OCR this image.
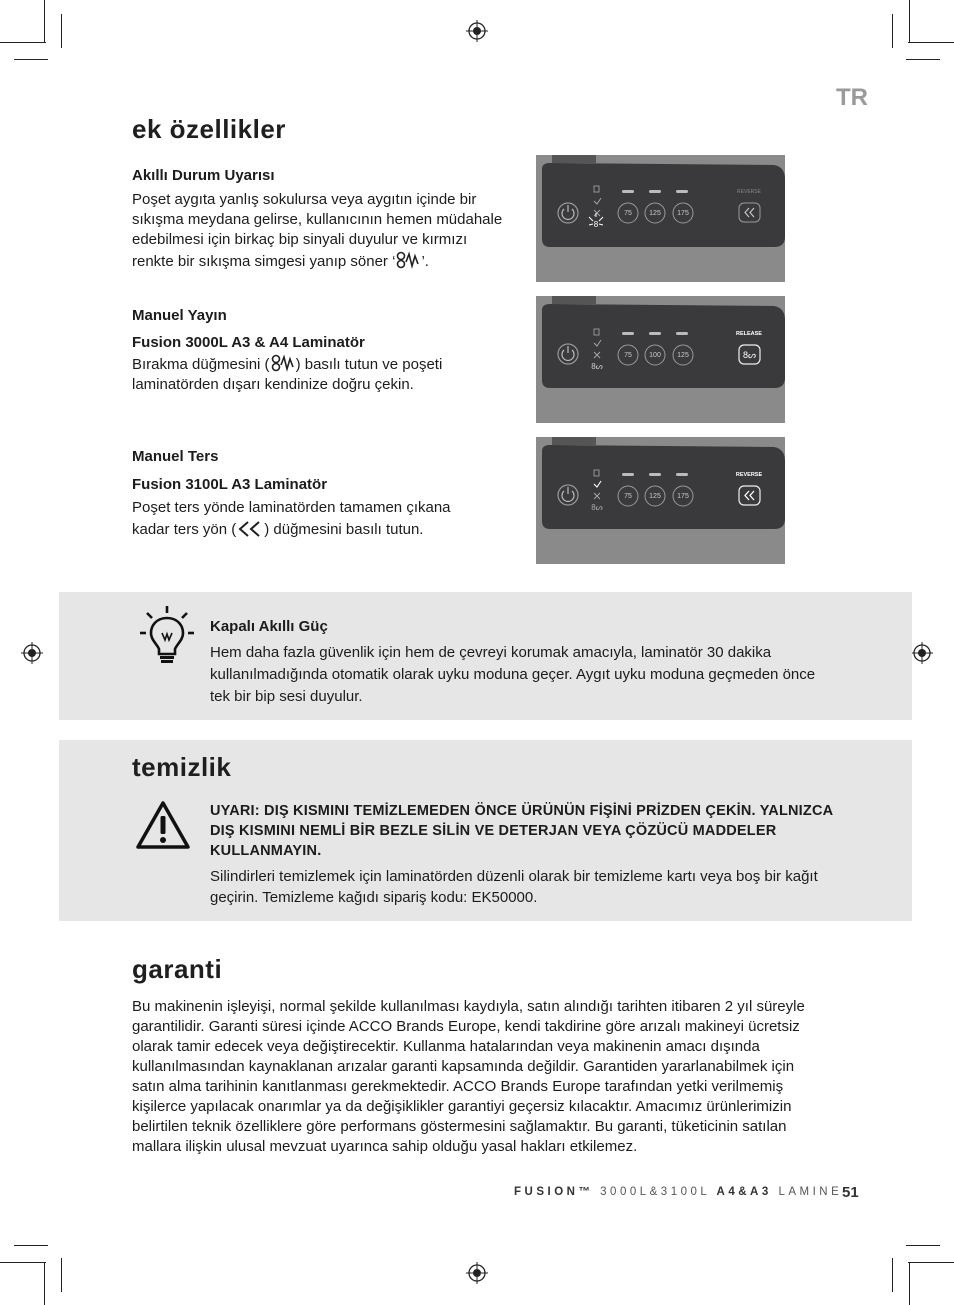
TR
ek özellikler
Akıllı Durum Uyarısı
Poşet aygıta yanlış sokulursa veya aygıtın içinde bir sıkışma meydana gelirse, kullanıcının hemen müdahale edebilmesi için birkaç bip sinyali duyulur ve kırmızı renkte bir sıkışma simgesi yanıp söner ‘ ’.
Manuel Yayın
Fusion 3000L A3 & A4 Laminatör
Bırakma düğmesini ( ) basılı tutun ve poşeti laminatörden dışarı kendinize doğru çekin.
Manuel Ters
Fusion 3100L A3 Laminatör
Poşet ters yönde laminatörden tamamen çıkana kadar ters yön ( ) düğmesini basılı tutun.
8
75 125 175
REVERSE
8ᔕ
75 100 125
RELEASE
8ᔕ
8ᔕ
75 125 175
REVERSE
Kapalı Akıllı Güç
Hem daha fazla güvenlik için hem de çevreyi korumak amacıyla, laminatör 30 dakika kullanılmadığında otomatik olarak uyku moduna geçer. Aygıt uyku moduna geçmeden önce tek bir bip sesi duyulur.
temizlik
UYARI: DIŞ KISMINI TEMİZLEMEDEN ÖNCE ÜRÜNÜN FİŞİNİ PRİZDEN ÇEKİN. YALNIZCA DIŞ KISMINI NEMLİ BİR BEZLE SİLİN VE DETERJAN VEYA ÇÖZÜCÜ MADDELER KULLANMAYIN.
Silindirleri temizlemek için laminatörden düzenli olarak bir temizleme kartı veya boş bir kağıt geçirin. Temizleme kağıdı sipariş kodu: EK50000.
garanti
Bu makinenin işleyişi, normal şekilde kullanılması kaydıyla, satın alındığı tarihten itibaren 2 yıl süreyle garantilidir. Garanti süresi içinde ACCO Brands Europe, kendi takdirine göre arızalı makineyi ücretsiz olarak tamir edecek veya değiştirecektir. Kullanma hatalarından veya makinenin amacı dışında kullanılmasından kaynaklanan arızalar garanti kapsamında değildir. Garantiden yararlanabilmek için satın alma tarihinin kanıtlanması gerekmektedir. ACCO Brands Europe tarafından yetki verilmemiş kişilerce yapılacak onarımlar ya da değişiklikler garantiyi geçersiz kılacaktır. Amacımız ürünlerimizin belirtilen teknik özelliklere göre performans göstermesini sağlamaktır. Bu garanti, tüketicinin satılan mallara ilişkin ulusal mevzuat uyarınca sahip olduğu yasal hakları etkilemez.
FUSION™ 3000L&3100L A4&A3 LAMINE 51
